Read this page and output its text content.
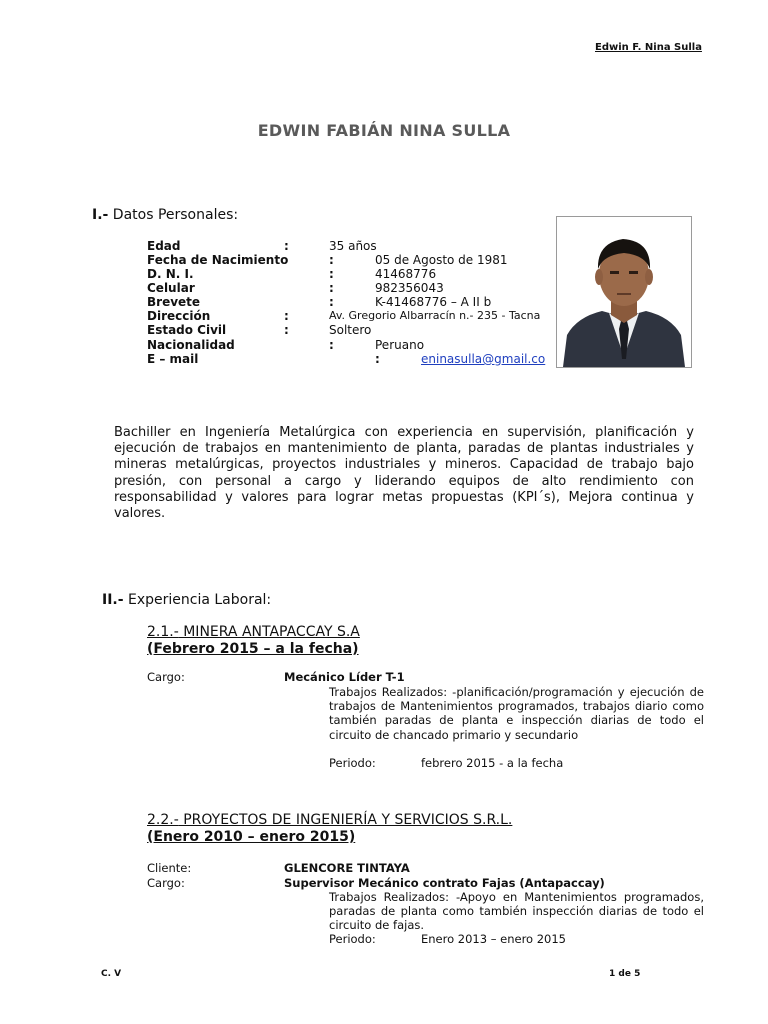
Edwin F. Nina Sulla
EDWIN FABIÁN NINA SULLA
I.- Datos Personales:
Edad	:	35 años
Fecha de Nacimiento	:	05 de Agosto de 1981
D. N. I.	:	41468776
Celular	:	982356043
Brevete	:	K-41468776 – A II b
Dirección	:	Av. Gregorio Albarracín n.- 235 - Tacna
Estado Civil	:	Soltero
Nacionalidad	:	Peruano
E – mail	:	eninasulla@gmail.co
Bachiller en Ingeniería Metalúrgica con experiencia en supervisión, planificación y ejecución de trabajos en mantenimiento de planta, paradas de plantas industriales y mineras metalúrgicas, proyectos industriales y mineros. Capacidad de trabajo bajo presión, con personal a cargo y liderando equipos de alto rendimiento con responsabilidad y valores para lograr metas propuestas (KPI´s), Mejora continua y valores.
II.- Experiencia Laboral:
2.1.- MINERA ANTAPACCAY S.A
(Febrero 2015 – a la fecha)
Cargo:	Mecánico Líder T-1
Trabajos Realizados: -planificación/programación y ejecución de trabajos de Mantenimientos programados, trabajos diario como también paradas de planta e inspección diarias de todo el circuito de chancado primario y secundario
Periodo:	febrero 2015 - a la fecha
2.2.- PROYECTOS DE INGENIERÍA Y SERVICIOS S.R.L.
(Enero 2010 – enero 2015)
Cliente:	GLENCORE TINTAYA
Cargo:	Supervisor Mecánico contrato Fajas (Antapaccay)
Trabajos Realizados: -Apoyo en Mantenimientos programados, paradas de planta como también inspección diarias de todo el circuito de fajas.
Periodo:	Enero 2013 – enero 2015
C. V	1 de 5
